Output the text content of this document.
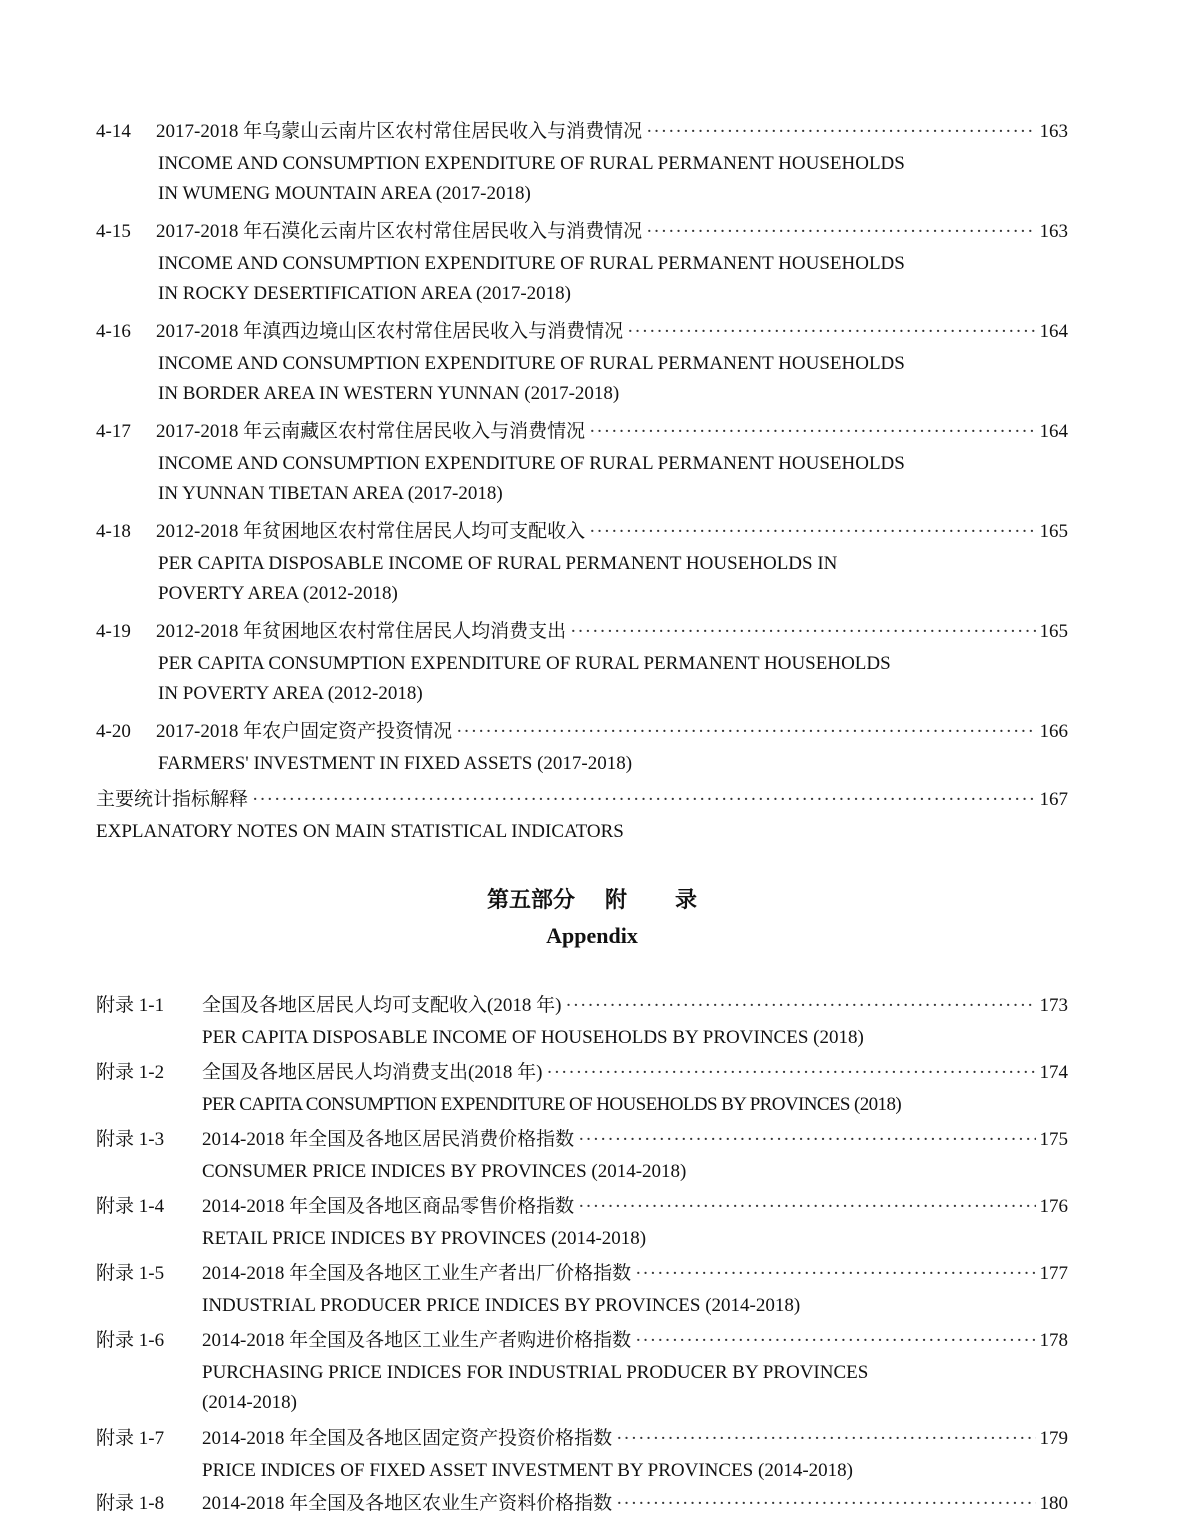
4-14	2017-2018 年乌蒙山云南片区农村常住居民收入与消费情况 ·····	163
INCOME AND CONSUMPTION EXPENDITURE OF RURAL PERMANENT HOUSEHOLDS
IN WUMENG MOUNTAIN AREA (2017-2018)
4-15	2017-2018 年石漠化云南片区农村常住居民收入与消费情况 ·····	163
INCOME AND CONSUMPTION EXPENDITURE OF RURAL PERMANENT HOUSEHOLDS
IN ROCKY DESERTIFICATION AREA (2017-2018)
4-16	2017-2018 年滇西边境山区农村常住居民收入与消费情况 ·····	164
INCOME AND CONSUMPTION EXPENDITURE OF RURAL PERMANENT HOUSEHOLDS
IN BORDER AREA IN WESTERN YUNNAN (2017-2018)
4-17	2017-2018 年云南藏区农村常住居民收入与消费情况 ·····	164
INCOME AND CONSUMPTION EXPENDITURE OF RURAL PERMANENT HOUSEHOLDS
IN YUNNAN TIBETAN AREA (2017-2018)
4-18	2012-2018 年贫困地区农村常住居民人均可支配收入 ·····	165
PER CAPITA DISPOSABLE INCOME OF RURAL PERMANENT HOUSEHOLDS IN
POVERTY AREA (2012-2018)
4-19	2012-2018 年贫困地区农村常住居民人均消费支出 ·····	165
PER CAPITA CONSUMPTION EXPENDITURE OF RURAL PERMANENT HOUSEHOLDS
IN POVERTY AREA (2012-2018)
4-20	2017-2018 年农户固定资产投资情况 ·····	166
FARMERS' INVESTMENT IN FIXED ASSETS (2017-2018)
主要统计指标解释 ·····	167
EXPLANATORY NOTES ON MAIN STATISTICAL INDICATORS
第五部分 附 录
Appendix
附录 1-1	全国及各地区居民人均可支配收入(2018 年) ·····	173
PER CAPITA DISPOSABLE INCOME OF HOUSEHOLDS BY PROVINCES (2018)
附录 1-2	全国及各地区居民人均消费支出(2018 年) ·····	174
PER CAPITA CONSUMPTION EXPENDITURE OF HOUSEHOLDS BY PROVINCES (2018)
附录 1-3	2014-2018 年全国及各地区居民消费价格指数 ·····	175
CONSUMER PRICE INDICES BY PROVINCES (2014-2018)
附录 1-4	2014-2018 年全国及各地区商品零售价格指数 ·····	176
RETAIL PRICE INDICES BY PROVINCES (2014-2018)
附录 1-5	2014-2018 年全国及各地区工业生产者出厂价格指数 ·····	177
INDUSTRIAL PRODUCER PRICE INDICES BY PROVINCES (2014-2018)
附录 1-6	2014-2018 年全国及各地区工业生产者购进价格指数 ·····	178
PURCHASING PRICE INDICES FOR INDUSTRIAL PRODUCER BY PROVINCES
(2014-2018)
附录 1-7	2014-2018 年全国及各地区固定资产投资价格指数 ·····	179
PRICE INDICES OF FIXED ASSET INVESTMENT BY PROVINCES (2014-2018)
附录 1-8	2014-2018 年全国及各地区农业生产资料价格指数 ·····	180
